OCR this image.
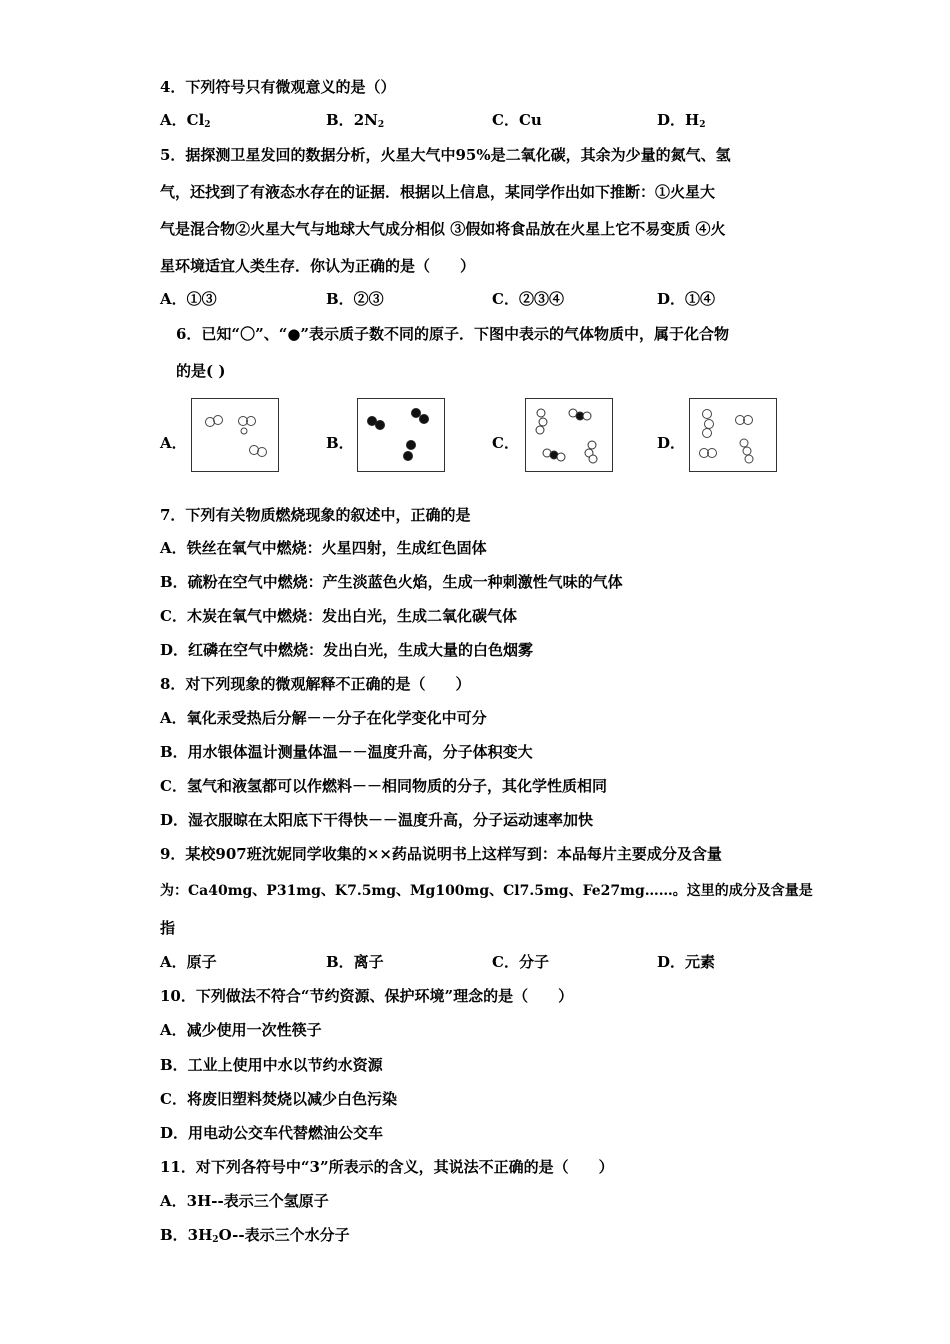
4．下列符号只有微观意义的是（）
A．$Cl_2$	B．$2N_2$	C．Cu	D．$H_2$
5．据探测卫星发回的数据分析，火星大气中95%是二氧化碳，其余为少量的氮气、氢
气，还找到了有液态水存在的证据．根据以上信息，某同学作出如下推断：①火星大
气是混合物②火星大气与地球大气成分相似 ③假如将食品放在火星上它不易变质 ④火
星环境适宜人类生存．你认为正确的是（　　）
A．①③	B．②③	C．②③④	D．①④
6．已知“〇”、“●”表示质子数不同的原子．下图中表示的气体物质中，属于化合物
的是( )
A．	B．	C．	D．
7．下列有关物质燃烧现象的叙述中，正确的是
A．铁丝在氧气中燃烧：火星四射，生成红色固体
B．硫粉在空气中燃烧：产生淡蓝色火焰，生成一种刺激性气味的气体
C．木炭在氧气中燃烧：发出白光，生成二氧化碳气体
D．红磷在空气中燃烧：发出白光，生成大量的白色烟雾
8．对下列现象的微观解释不正确的是（　　）
A．氧化汞受热后分解－－分子在化学变化中可分
B．用水银体温计测量体温－－温度升高，分子体积变大
C．氢气和液氢都可以作燃料－－相同物质的分子，其化学性质相同
D．湿衣服晾在太阳底下干得快－－温度升高，分子运动速率加快
9．某校907班沈妮同学收集的××药品说明书上这样写到：本品每片主要成分及含量
为：Ca40mg、P31mg、K7.5mg、Mg100mg、Cl7.5mg、Fe27mg……。这里的成分及含量是
指
A．原子	B．离子	C．分子	D．元素
10．下列做法不符合“节约资源、保护环境”理念的是（　　）
A．减少使用一次性筷子
B．工业上使用中水以节约水资源
C．将废旧塑料焚烧以减少白色污染
D．用电动公交车代替燃油公交车
11．对下列各符号中“3”所表示的含义，其说法不正确的是（　　）
A．3H--表示三个氢原子
B．$3H_2O--$表示三个水分子
